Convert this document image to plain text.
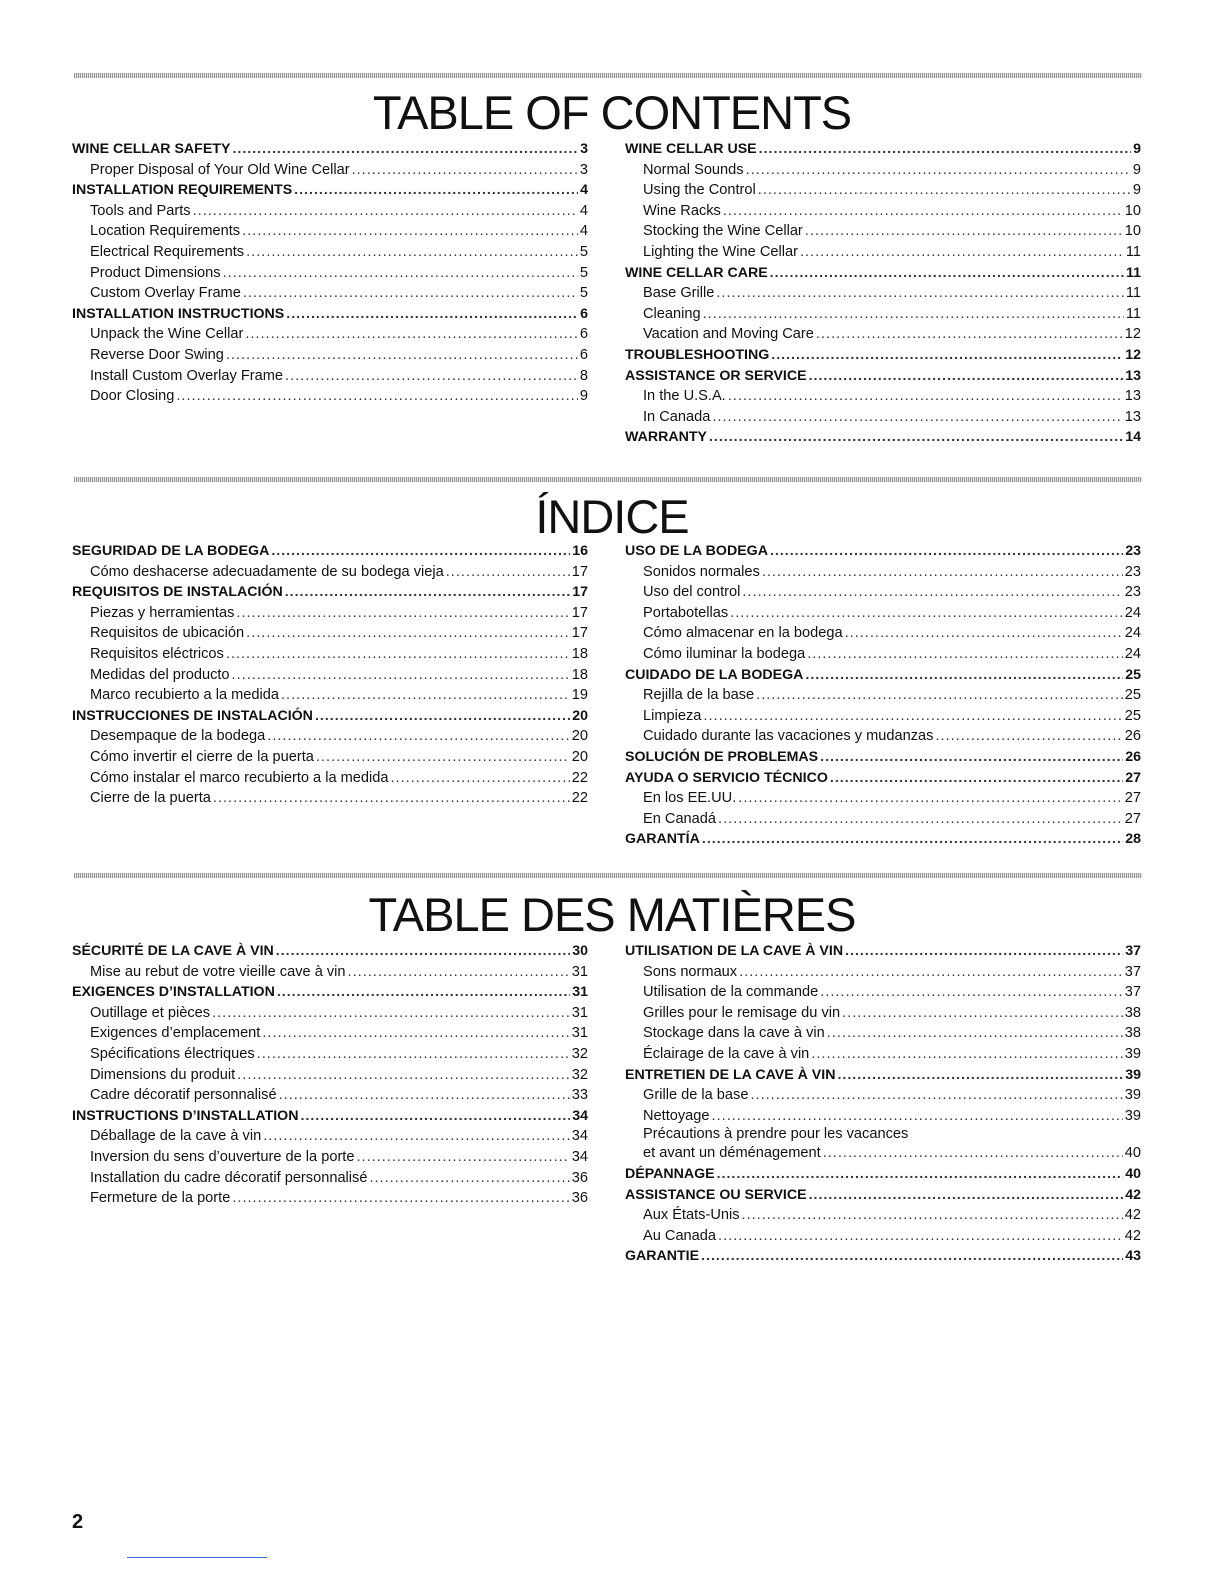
TABLE OF CONTENTS
WINE CELLAR SAFETY .....	3
Proper Disposal of Your Old Wine Cellar .....	3
INSTALLATION REQUIREMENTS .....	4
Tools and Parts .....	4
Location Requirements .....	4
Electrical Requirements .....	5
Product Dimensions .....	5
Custom Overlay Frame .....	5
INSTALLATION INSTRUCTIONS .....	6
Unpack the Wine Cellar .....	6
Reverse Door Swing .....	6
Install Custom Overlay Frame .....	8
Door Closing .....	9
WINE CELLAR USE .....	9
Normal Sounds .....	9
Using the Control .....	9
Wine Racks .....	10
Stocking the Wine Cellar .....	10
Lighting the Wine Cellar .....	11
WINE CELLAR CARE .....	11
Base Grille .....	11
Cleaning .....	11
Vacation and Moving Care .....	12
TROUBLESHOOTING .....	12
ASSISTANCE OR SERVICE .....	13
In the U.S.A. .....	13
In Canada .....	13
WARRANTY .....	14
ÍNDICE
SEGURIDAD DE LA BODEGA .....	16
Cómo deshacerse adecuadamente de su bodega vieja .....	17
REQUISITOS DE INSTALACIÓN .....	17
Piezas y herramientas .....	17
Requisitos de ubicación .....	17
Requisitos eléctricos .....	18
Medidas del producto .....	18
Marco recubierto a la medida .....	19
INSTRUCCIONES DE INSTALACIÓN .....	20
Desempaque de la bodega .....	20
Cómo invertir el cierre de la puerta .....	20
Cómo instalar el marco recubierto a la medida .....	22
Cierre de la puerta .....	22
USO DE LA BODEGA .....	23
Sonidos normales .....	23
Uso del control .....	23
Portabotellas .....	24
Cómo almacenar en la bodega .....	24
Cómo iluminar la bodega .....	24
CUIDADO DE LA BODEGA .....	25
Rejilla de la base .....	25
Limpieza .....	25
Cuidado durante las vacaciones y mudanzas .....	26
SOLUCIÓN DE PROBLEMAS .....	26
AYUDA O SERVICIO TÉCNICO .....	27
En los EE.UU. .....	27
En Canadá .....	27
GARANTÍA .....	28
TABLE DES MATIÈRES
SÉCURITÉ DE LA CAVE À VIN .....	30
Mise au rebut de votre vieille cave à vin .....	31
EXIGENCES D’INSTALLATION .....	31
Outillage et pièces .....	31
Exigences d’emplacement .....	31
Spécifications électriques .....	32
Dimensions du produit .....	32
Cadre décoratif personnalisé .....	33
INSTRUCTIONS D’INSTALLATION .....	34
Déballage de la cave à vin .....	34
Inversion du sens d’ouverture de la porte .....	34
Installation du cadre décoratif personnalisé .....	36
Fermeture de la porte .....	36
UTILISATION DE LA CAVE À VIN .....	37
Sons normaux .....	37
Utilisation de la commande .....	37
Grilles pour le remisage du vin .....	38
Stockage dans la cave à vin .....	38
Éclairage de la cave à vin .....	39
ENTRETIEN DE LA CAVE À VIN .....	39
Grille de la base .....	39
Nettoyage .....	39
Précautions à prendre pour les vacances
et avant un déménagement .....	40
DÉPANNAGE .....	40
ASSISTANCE OU SERVICE .....	42
Aux États-Unis .....	42
Au Canada .....	42
GARANTIE .....	43
2
